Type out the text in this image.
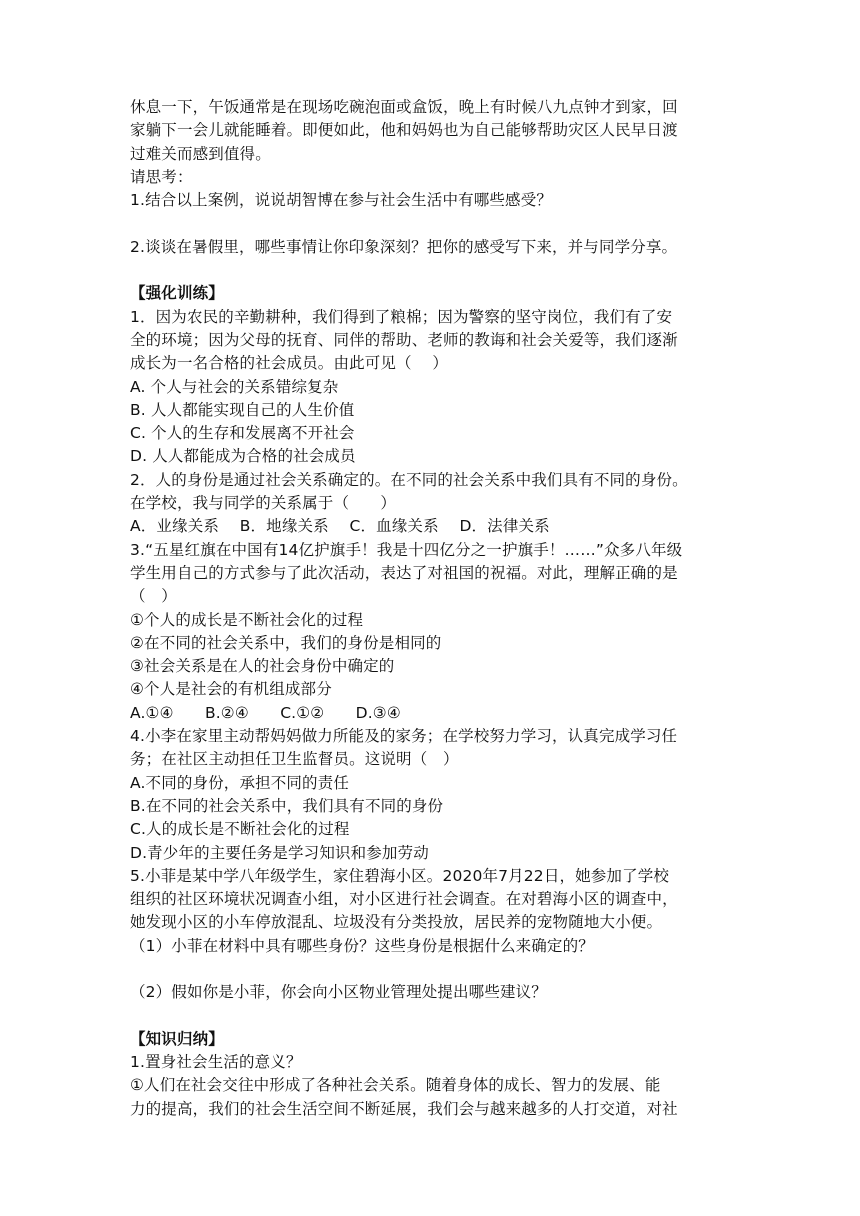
休息一下，午饭通常是在现场吃碗泡面或盒饭，晚上有时候八九点钟才到家，回
家躺下一会儿就能睡着。即便如此，他和妈妈也为自己能够帮助灾区人民早日渡
过难关而感到值得。
请思考：
1.结合以上案例，说说胡智博在参与社会生活中有哪些感受？
2.谈谈在暑假里，哪些事情让你印象深刻？把你的感受写下来，并与同学分享。
【强化训练】
1．因为农民的辛勤耕种，我们得到了粮棉；因为警察的坚守岗位，我们有了安
全的环境；因为父母的抚育、同伴的帮助、老师的教诲和社会关爱等，我们逐渐
成长为一名合格的社会成员。由此可见（　 ）
A. 个人与社会的关系错综复杂
B. 人人都能实现自己的人生价值
C. 个人的生存和发展离不开社会
D. 人人都能成为合格的社会成员
2．人的身份是通过社会关系确定的。在不同的社会关系中我们具有不同的身份。
在学校，我与同学的关系属于（　　）
A．业缘关系　 B．地缘关系　 C．血缘关系　 D．法律关系
3.“五星红旗在中国有14亿护旗手！我是十四亿分之一护旗手！……”众多八年级
学生用自己的方式参与了此次活动，表达了对祖国的祝福。对此，理解正确的是
（　）
①个人的成长是不断社会化的过程
②在不同的社会关系中，我们的身份是相同的
③社会关系是在人的社会身份中确定的
④个人是社会的有机组成部分
A.①④　　B.②④　　C.①②　　D.③④
4.小李在家里主动帮妈妈做力所能及的家务；在学校努力学习，认真完成学习任
务；在社区主动担任卫生监督员。这说明（　）
A.不同的身份，承担不同的责任
B.在不同的社会关系中，我们具有不同的身份
C.人的成长是不断社会化的过程
D.青少年的主要任务是学习知识和参加劳动
5.小菲是某中学八年级学生，家住碧海小区。2020年7月22日，她参加了学校
组织的社区环境状况调查小组，对小区进行社会调查。在对碧海小区的调查中，
她发现小区的小车停放混乱、垃圾没有分类投放，居民养的宠物随地大小便。
（1）小菲在材料中具有哪些身份？这些身份是根据什么来确定的？
（2）假如你是小菲，你会向小区物业管理处提出哪些建议？
【知识归纳】
1.置身社会生活的意义？
①人们在社会交往中形成了各种社会关系。随着身体的成长、智力的发展、能
力的提高，我们的社会生活空间不断延展，我们会与越来越多的人打交道，对社
